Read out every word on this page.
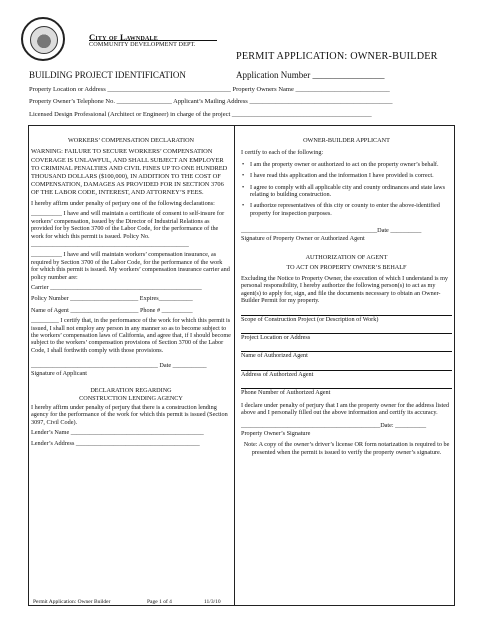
City of Lawndale
COMMUNITY DEVELOPMENT DEPT.
PERMIT APPLICATION: OWNER-BUILDER
BUILDING PROJECT IDENTIFICATION	Application Number ________________
Property Location or Address ______________________________________ Property Owners Name _____________________________
Property Owner’s Telephone No. _________________ Applicant’s Mailing Address ____________________________________________
Licensed Design Professional (Architect or Engineer) in charge of the project ___________________________________________
WORKERS’ COMPENSATION DECLARATION
WARNING: FAILURE TO SECURE WORKERS’ COMPENSATION COVERAGE IS UNLAWFUL, AND SHALL SUBJECT AN EMPLOYER TO CRIMINAL PENALTIES AND CIVIL FINES UP TO ONE HUNDRED THOUSAND DOLLARS ($100,000), IN ADDITION TO THE COST OF COMPENSATION, DAMAGES AS PROVIDED FOR IN SECTION 3706 OF THE LABOR CODE, INTEREST, AND ATTORNEY’S FEES.
I hereby affirm under penalty of perjury one of the following declarations:
__________ I have and will maintain a certificate of consent to self-insure for workers’ compensation, issued by the Director of Industrial Relations as provided for by Section 3700 of the Labor Code, for the performance of the work for which this permit is issued. Policy No.
___________________________________________________
__________ I have and will maintain workers’ compensation insurance, as required by Section 3700 of the Labor Code, for the performance of the work for which this permit is issued. My workers’ compensation insurance carrier and policy number are:
Carrier _________________________________________________
Policy Number ______________________ Expires___________
Name of Agent ______________________ Phone # __________
_________ I certify that, in the performance of the work for which this permit is issued, I shall not employ any person in any manner so as to become subject to the workers’ compensation laws of California, and agree that, if I should become subject to the workers’ compensation provisions of Section 3700 of the Labor Code, I shall forthwith comply with those provisions.
_________________________________________ Date ___________
Signature of Applicant
DECLARATION REGARDING
CONSTRUCTION LENDING AGENCY
I hereby affirm under penalty of perjury that there is a construction lending agency for the performance of the work for which this permit is issued (Section 3097, Civil Code).
Lender’s Name ___________________________________________
Lender’s Address ________________________________________
OWNER-BUILDER APPLICANT
I certify to each of the following:
• I am the property owner or authorized to act on the property owner’s behalf.
• I have read this application and the information I have provided is correct.
• I agree to comply with all applicable city and county ordinances and state laws relating to building construction.
• I authorize representatives of this city or county to enter the above-identified property for inspection purposes.
____________________________________________Date __________
Signature of Property Owner or Authorized Agent
AUTHORIZATION OF AGENT
TO ACT ON PROPERTY OWNER’S BEHALF
Excluding the Notice to Property Owner, the execution of which I understand is my personal responsibility, I hereby authorize the following person(s) to act as my agent(s) to apply for, sign, and file the documents necessary to obtain an Owner-Builder Permit for my property.
Scope of Construction Project (or Description of Work)
Project Location or Address
Name of Authorized Agent
Address of Authorized Agent
Phone Number of Authorized Agent
I declare under penalty of perjury that I am the property owner for the address listed above and I personally filled out the above information and certify its accuracy.
_____________________________________________Date: __________
Property Owner’s Signature
Note: A copy of the owner’s driver’s license OR form notarization is required to be presented when the permit is issued to verify the property owner’s signature.
Permit Application: Owner Builder	Page 1 of 4	11/3/10
